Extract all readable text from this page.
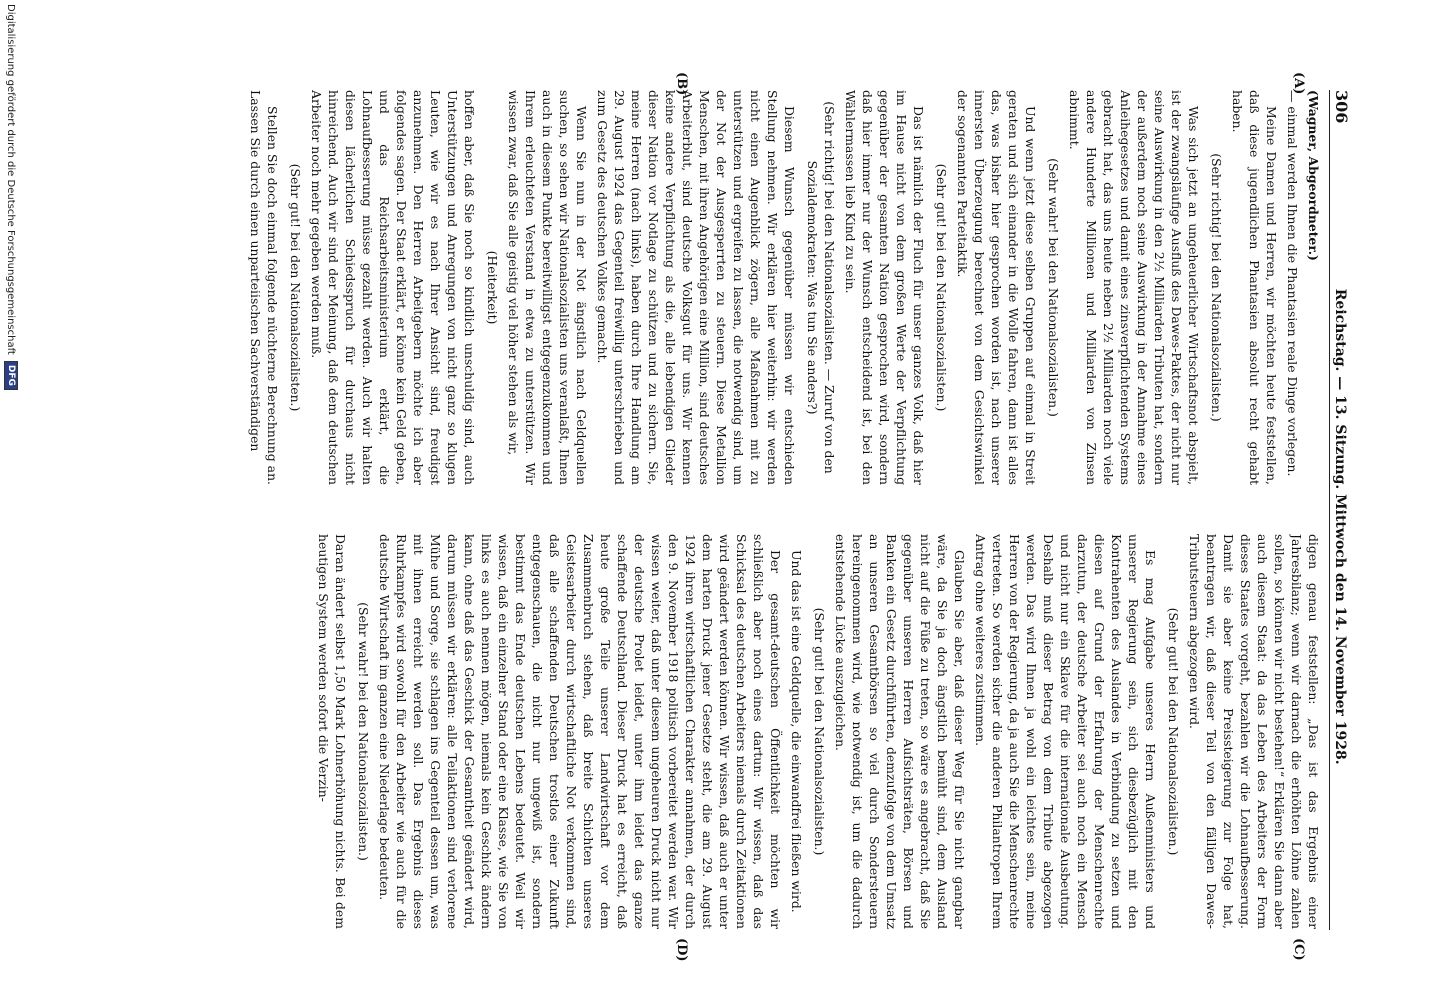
306
Reichstag. — 13. Sitzung. Mittwoch den 14. November 1928.
(A)
(B)
(C)
(D)

(Wagner, Abgeordneter.)

— einmal werden Ihnen die Phantasien reale Dinge vorlegen.

Meine Damen und Herren, wir möchten heute feststellen, daß diese jugendlichen Phantasien absolut recht gehabt haben.

(Sehr richtig! bei den Nationalsozialisten.)

Was sich jetzt an ungeheuerlicher Wirtschaftsnot abspielt, ist der zwangsläufige Ausfluß des Dawes-Paktes, der nicht nur seine Auswirkung in den 2½ Milliarden Tributen hat, sondern der außerdem noch seine Auswirkung in der Annahme eines Anleihegesetzes und damit eines zinsverpflichtenden Systems gebracht hat, das uns heute neben 2½ Milliarden noch viele andere Hunderte Millionen und Milliarden von Zinsen abnimmt.

(Sehr wahr! bei den Nationalsozialisten.)

Und wenn jetzt diese selben Gruppen auf einmal in Streit geraten und sich einander in die Wolle fahren, dann ist alles das, was bisher hier gesprochen worden ist, nach unserer innersten Überzeugung berechnet von dem Gesichtswinkel der sogenannten Parteitaktik.

(Sehr gut! bei den Nationalsozialisten.)

Das ist nämlich der Fluch für unser ganzes Volk, daß hier im Hause nicht von dem großen Werte der Verpflichtung gegenüber der gesamten Nation gesprochen wird, sondern daß hier immer nur der Wunsch entscheidend ist, bei den Wählermassen lieb Kind zu sein.

(Sehr richtig! bei den Nationalsozialisten. — Zuruf von den Sozialdemokraten: Was tun Sie anders?)

Diesem Wunsch gegenüber müssen wir entschieden Stellung nehmen. Wir erklären hier weiterhin: wir werden nicht einen Augenblick zögern, alle Maßnahmen mit zu unterstützen und ergreifen zu lassen, die notwendig sind, um der Not der Ausgesperrten zu steuern. Diese Metallion Menschen, mit ihren Angehörigen eine Million, sind deutsches Arbeiterblut, sind deutsche Volksgut für uns. Wir kennen keine andere Verpflichtung als die, alle lebendigen Glieder dieser Nation vor Notlage zu schützen und zu sichern. Sie, meine Herren (nach links), haben durch Ihre Handlung am 29. August 1924 das Gegenteil freiwillig unterschrieben und zum Gesetz des deutschen Volkes gemacht.

Wenn Sie nun in der Not ängstlich nach Geldquellen suchen, so sehen wir Nationalsozialisten uns veranlaßt, Ihnen auch in diesem Punkte bereitwilligst entgegenzukommen und Ihrem erleuchteten Verstand in etwa zu unterstützen. Wir wissen zwar, daß Sie alle geistig viel höher stehen als wir,

(Heiterkeit)

hoffen aber, daß Sie noch so kindlich unschuldig sind, auch Unterstützungen und Anregungen von nicht ganz so klugen Leuten, wie wir es nach Ihrer Ansicht sind, freudigst anzunehmen. Den Herren Arbeitgebern möchte ich aber folgendes sagen. Der Staat erklärt, er könne kein Geld geben, und das Reichsarbeitsministerium erklärt, die Lohnaufbesserung müsse gezahlt werden. Auch wir halten diesen lächerlichen Schiedsspruch für durchaus nicht hinreichend. Auch wir sind der Meinung, daß dem deutschen Arbeiter noch mehr gegeben werden muß.

(Sehr gut! bei den Nationalsozialisten.)

Stellen Sie doch einmal folgende nüchterne Berechnung an. Lassen Sie durch einen unparteiischen Sachverständigen

digen genau feststellen: „Das ist das Ergebnis einer Jahresbilanz; wenn wir darnach die erhöhten Löhne zahlen sollen, so können wir nicht bestehen!“ Erklären Sie dann aber auch diesem Staat: da das Leben des Arbeiters der Form dieses Staates vorgeht, bezahlen wir die Lohnaufbesserung. Damit sie aber keine Preissteigerung zur Folge hat, beantragen wir, daß dieser Teil von den fälligen Dawes-Tributsteuern abgezogen wird.

(Sehr gut! bei den Nationalsozialisten.)

Es mag Aufgabe unseres Herrn Außenministers und unserer Regierung sein, sich diesbezüglich mit den Kontrahenten des Auslandes in Verbindung zu setzen und diesen auf Grund der Erfahrung der Menschenrechte darzutun, der deutsche Arbeiter sei auch noch ein Mensch und nicht nur ein Sklave für die internationale Ausbeutung. Deshalb muß dieser Betrag von dem Tribute abgezogen werden. Das wird Ihnen ja wohl ein leichtes sein, meine Herren von der Regierung, da ja auch Sie die Menschenrechte vertreten. So werden sicher die anderen Philantropen Ihrem Antrag ohne weiteres zustimmen.

Glauben Sie aber, daß dieser Weg für Sie nicht gangbar wäre, da Sie ja doch ängstlich bemüht sind, dem Ausland nicht auf die Füße zu treten, so wäre es angebracht, daß Sie gegenüber unseren Herren Aufsichtsräten, Börsen und Banken ein Gesetz durchführten, demzufolge von dem Umsatz an unseren Gesamtbörsen so viel durch Sondersteuern hereingenommen wird, wie notwendig ist, um die dadurch entstehende Lücke auszugleichen.

(Sehr gut! bei den Nationalsozialisten.)

Und das ist eine Geldquelle, die einwandfrei fließen wird.

Der gesamt-deutschen Öffentlichkeit möchten wir schließlich aber noch eines dartun: Wir wissen, daß das Schicksal des deutschen Arbeiters niemals durch Zeitaktionen wird geändert werden können. Wir wissen, daß auch er unter dem harten Druck jener Gesetze steht, die am 29. August 1924 ihren wirtschaftlichen Charakter annahmen, der durch den 9. November 1918 politisch vorbereitet werden war. Wir wissen weiter, daß unter diesem ungeheuren Druck nicht nur der deutsche Prolet leidet, unter ihm leidet das ganze schaffende Deutschland. Dieser Druck hat es erreicht, daß heute große Teile unserer Landwirtschaft vor dem Zusammenbruch stehen, daß breite Schichten unseres Geistesarbeiter durch wirtschaftliche Not verkommen sind, daß alle schaffenden Deutschen trostlos einer Zukunft entgegenschauen, die nicht nur ungewiß ist, sondern bestimmt das Ende deutschen Lebens bedeutet. Weil wir wissen, daß ein einzelner Stand oder eine Klasse, wie Sie von links es auch nennen mögen, niemals kein Geschick ändern kann, ohne daß das Geschick der Gesamtheit geändert wird, darum müssen wir erklären: alle Teilaktionen sind verlorene Mühe und Sorge, sie schlagen ins Gegenteil dessen um, was mit ihnen erreicht werden soll. Das Ergebnis dieses Ruhrkampfes wird sowohl für den Arbeiter wie auch für die deutsche Wirtschaft im ganzen eine Niederlage bedeuten.

(Sehr wahr! bei den Nationalsozialisten.)

Daran ändert selbst 1,50 Mark Lohnerhöhung nichts. Bei dem heutigen System werden sofort die Verzin-

Digitalisierung gefördert durch die Deutsche Forschungsgemeinschaft
DFG
